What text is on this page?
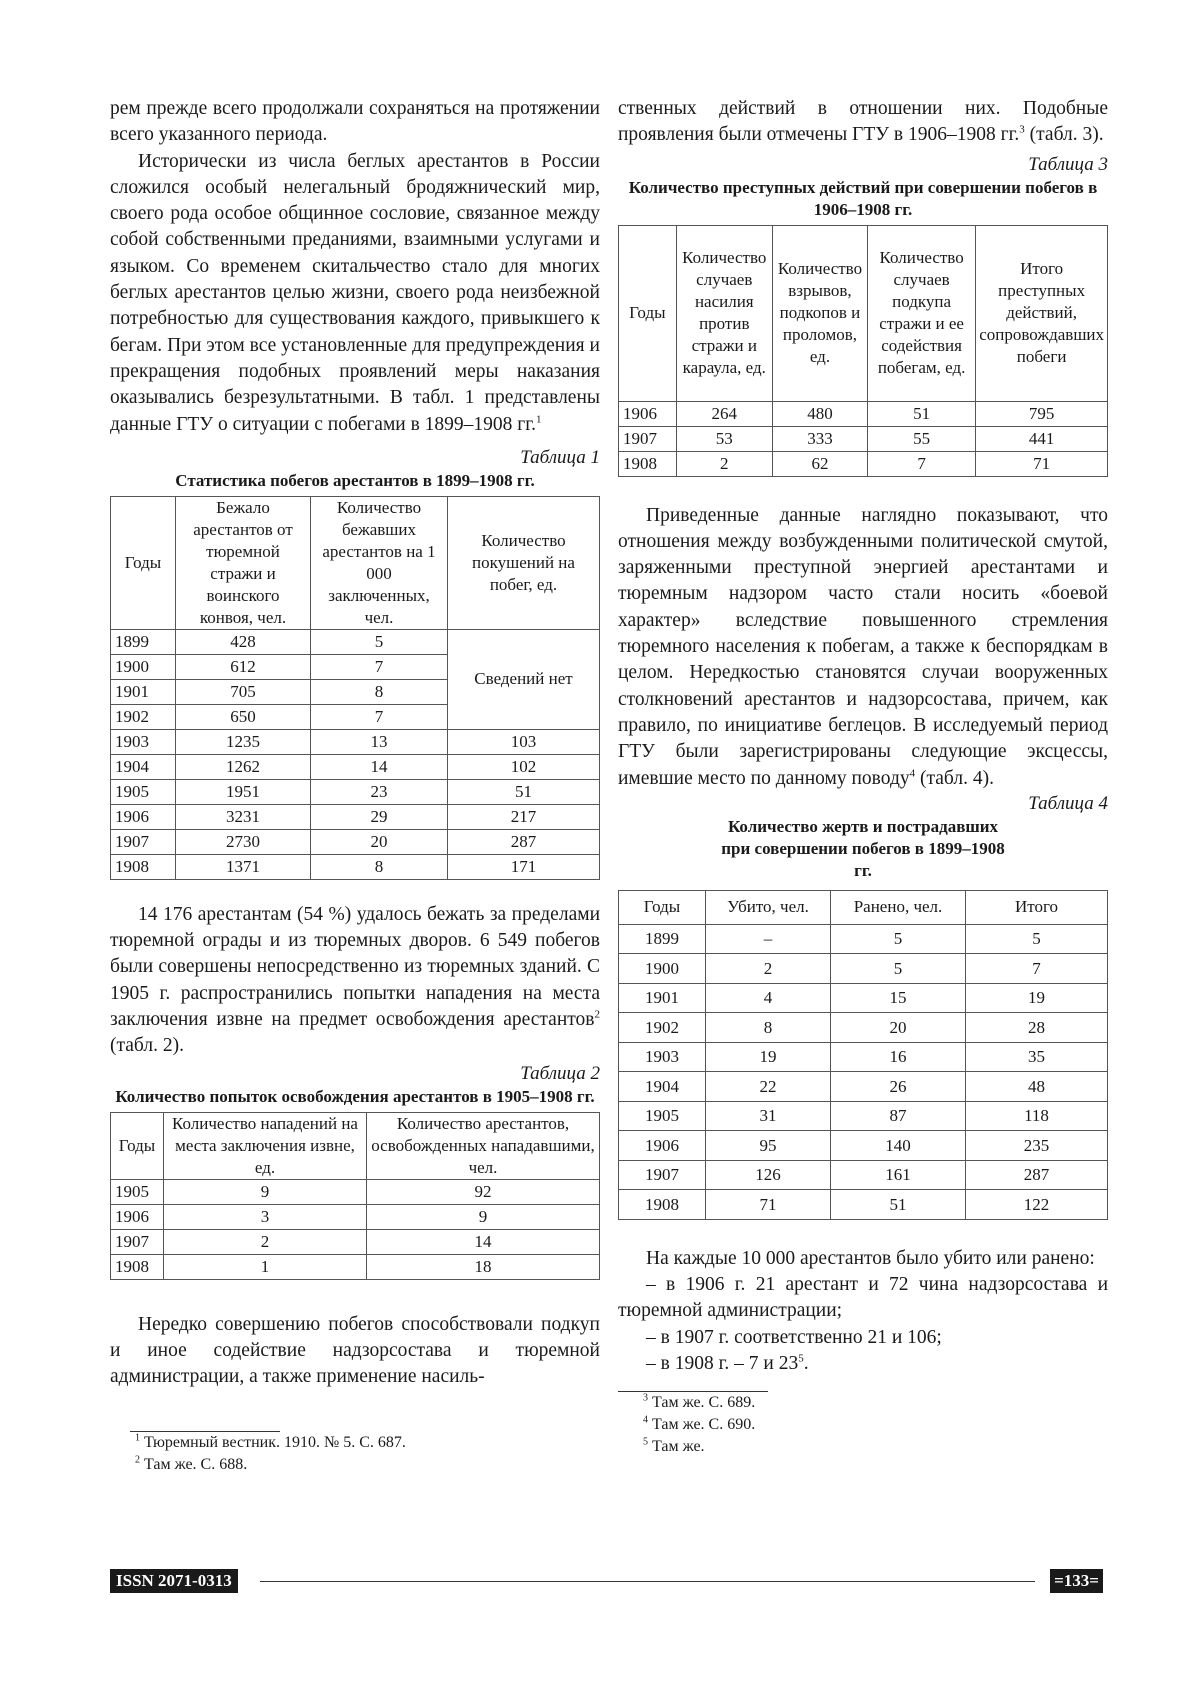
рем прежде всего продолжали сохраняться на протяжении всего указанного периода.

Исторически из числа беглых арестантов в России сложился особый нелегальный бродяжнический мир, своего рода особое общинное сословие, связанное между собой собственными преданиями, взаимными услугами и языком. Со временем скитальчество стало для многих беглых арестантов целью жизни, своего рода неизбежной потребностью для существования каждого, привыкшего к бегам. При этом все установленные для предупреждения и прекращения подобных проявлений меры наказания оказывались безрезультатными. В табл. 1 представлены данные ГТУ о ситуации с побегами в 1899–1908 гг.$^1$

Таблица 1
Статистика побегов арестантов в 1899–1908 гг.
Годы	Бежало арестантов от тюремной стражи и воинского конвоя, чел.	Количество бежавших арестантов на 1 000 заключенных, чел.	Количество покушений на побег, ед.
1899	428	5	Сведений нет
1900	612	7	
1901	705	8	
1902	650	7	
1903	1235	13	103
1904	1262	14	102
1905	1951	23	51
1906	3231	29	217
1907	2730	20	287
1908	1371	8	171

14 176 арестантам (54 %) удалось бежать за пределами тюремной ограды и из тюремных дворов. 6 549 побегов были совершены непосредственно из тюремных зданий. С 1905 г. распространились попытки нападения на места заключения извне на предмет освобождения арестантов$^2$ (табл. 2).

Таблица 2
Количество попыток освобождения арестантов в 1905–1908 гг.
Годы	Количество нападений на места заключения извне, ед.	Количество арестантов, освобожденных нападавшими, чел.
1905	9	92
1906	3	9
1907	2	14
1908	1	18

Нередко совершению побегов способствовали подкуп и иное содействие надзорсостава и тюремной администрации, а также применение насиль-

$^1$ Тюремный вестник. 1910. № 5. С. 687.
$^2$ Там же. С. 688.

ственных действий в отношении них. Подобные проявления были отмечены ГТУ в 1906–1908 гг.$^3$ (табл. 3).

Таблица 3
Количество преступных действий при совершении побегов в 1906–1908 гг.
Годы	Количество случаев насилия против стражи и караула, ед.	Количество взрывов, подкопов и проломов, ед.	Количество случаев подкупа стражи и ее содействия побегам, ед.	Итого преступных действий, сопровождавших побеги
1906	264	480	51	795
1907	53	333	55	441
1908	2	62	7	71

Приведенные данные наглядно показывают, что отношения между возбужденными политической смутой, заряженными преступной энергией арестантами и тюремным надзором часто стали носить «боевой характер» вследствие повышенного стремления тюремного населения к побегам, а также к беспорядкам в целом. Нередкостью становятся случаи вооруженных столкновений арестантов и надзорсостава, причем, как правило, по инициативе беглецов. В исследуемый период ГТУ были зарегистрированы следующие эксцессы, имевшие место по данному поводу$^4$ (табл. 4).

Таблица 4
Количество жертв и пострадавших при совершении побегов в 1899–1908 гг.
Годы	Убито, чел.	Ранено, чел.	Итого
1899	–	5	5
1900	2	5	7
1901	4	15	19
1902	8	20	28
1903	19	16	35
1904	22	26	48
1905	31	87	118
1906	95	140	235
1907	126	161	287
1908	71	51	122

На каждые 10 000 арестантов было убито или ранено:

– в 1906 г. 21 арестант и 72 чина надзорсостава и тюремной администрации;

– в 1907 г. соответственно 21 и 106;

– в 1908 г. – 7 и $23^5$.

$^3$ Там же. С. 689.
$^4$ Там же. С. 690.
$^5$ Там же.
ISSN 2071-0313	=133=
